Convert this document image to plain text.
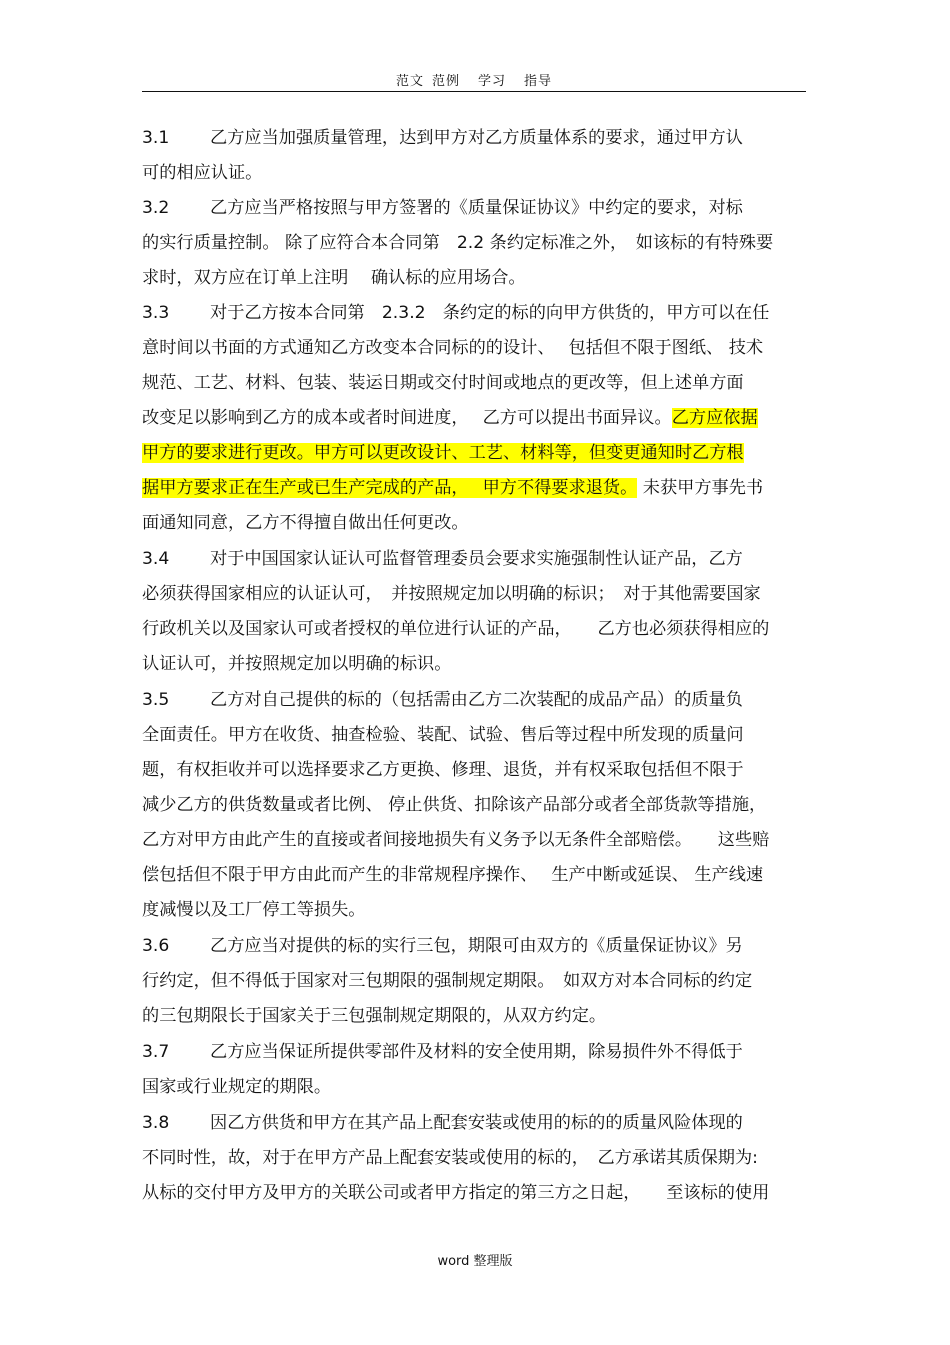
范文 范例 学习 指导
3.1 乙方应当加强质量管理，达到甲方对乙方质量体系的要求，通过甲方认
可的相应认证。
3.2 乙方应当严格按照与甲方签署的《质量保证协议》中约定的要求，对标
的实行质量控制。 除了应符合本合同第　2.2 条约定标准之外，　如该标的有特殊要
求时，双方应在订单上注明　 确认标的应用场合。
3.3 对于乙方按本合同第　2.3.2　条约定的标的向甲方供货的，甲方可以在任
意时间以书面的方式通知乙方改变本合同标的的设计、　 包括但不限于图纸、 技术
规范、工艺、材料、包装、装运日期或交付时间或地点的更改等，但上述单方面
改变足以影响到乙方的成本或者时间进度，　 乙方可以提出书面异议。乙方应依据
甲方的要求进行更改。甲方可以更改设计、工艺、材料等，但变更通知时乙方根
据甲方要求正在生产或已生产完成的产品，　 甲方不得要求退货。 未获甲方事先书
面通知同意，乙方不得擅自做出任何更改。
3.4 对于中国国家认证认可监督管理委员会要求实施强制性认证产品，乙方
必须获得国家相应的认证认可，　并按照规定加以明确的标识；　对于其他需要国家
行政机关以及国家认可或者授权的单位进行认证的产品，　　乙方也必须获得相应的
认证认可，并按照规定加以明确的标识。
3.5 乙方对自己提供的标的（包括需由乙方二次装配的成品产品）的质量负
全面责任。甲方在收货、抽查检验、装配、试验、售后等过程中所发现的质量问
题，有权拒收并可以选择要求乙方更换、修理、退货，并有权采取包括但不限于
减少乙方的供货数量或者比例、 停止供货、扣除该产品部分或者全部货款等措施，
乙方对甲方由此产生的直接或者间接地损失有义务予以无条件全部赔偿。　　这些赔
偿包括但不限于甲方由此而产生的非常规程序操作、　 生产中断或延误、 生产线速
度减慢以及工厂停工等损失。
3.6 乙方应当对提供的标的实行三包，期限可由双方的《质量保证协议》另
行约定，但不得低于国家对三包期限的强制规定期限。　如双方对本合同标的约定
的三包期限长于国家关于三包强制规定期限的，从双方约定。
3.7 乙方应当保证所提供零部件及材料的安全使用期，除易损件外不得低于
国家或行业规定的期限。
3.8 因乙方供货和甲方在其产品上配套安装或使用的标的的质量风险体现的
不同时性，故，对于在甲方产品上配套安装或使用的标的，　乙方承诺其质保期为:
从标的交付甲方及甲方的关联公司或者甲方指定的第三方之日起，　　至该标的使用
word 整理版
